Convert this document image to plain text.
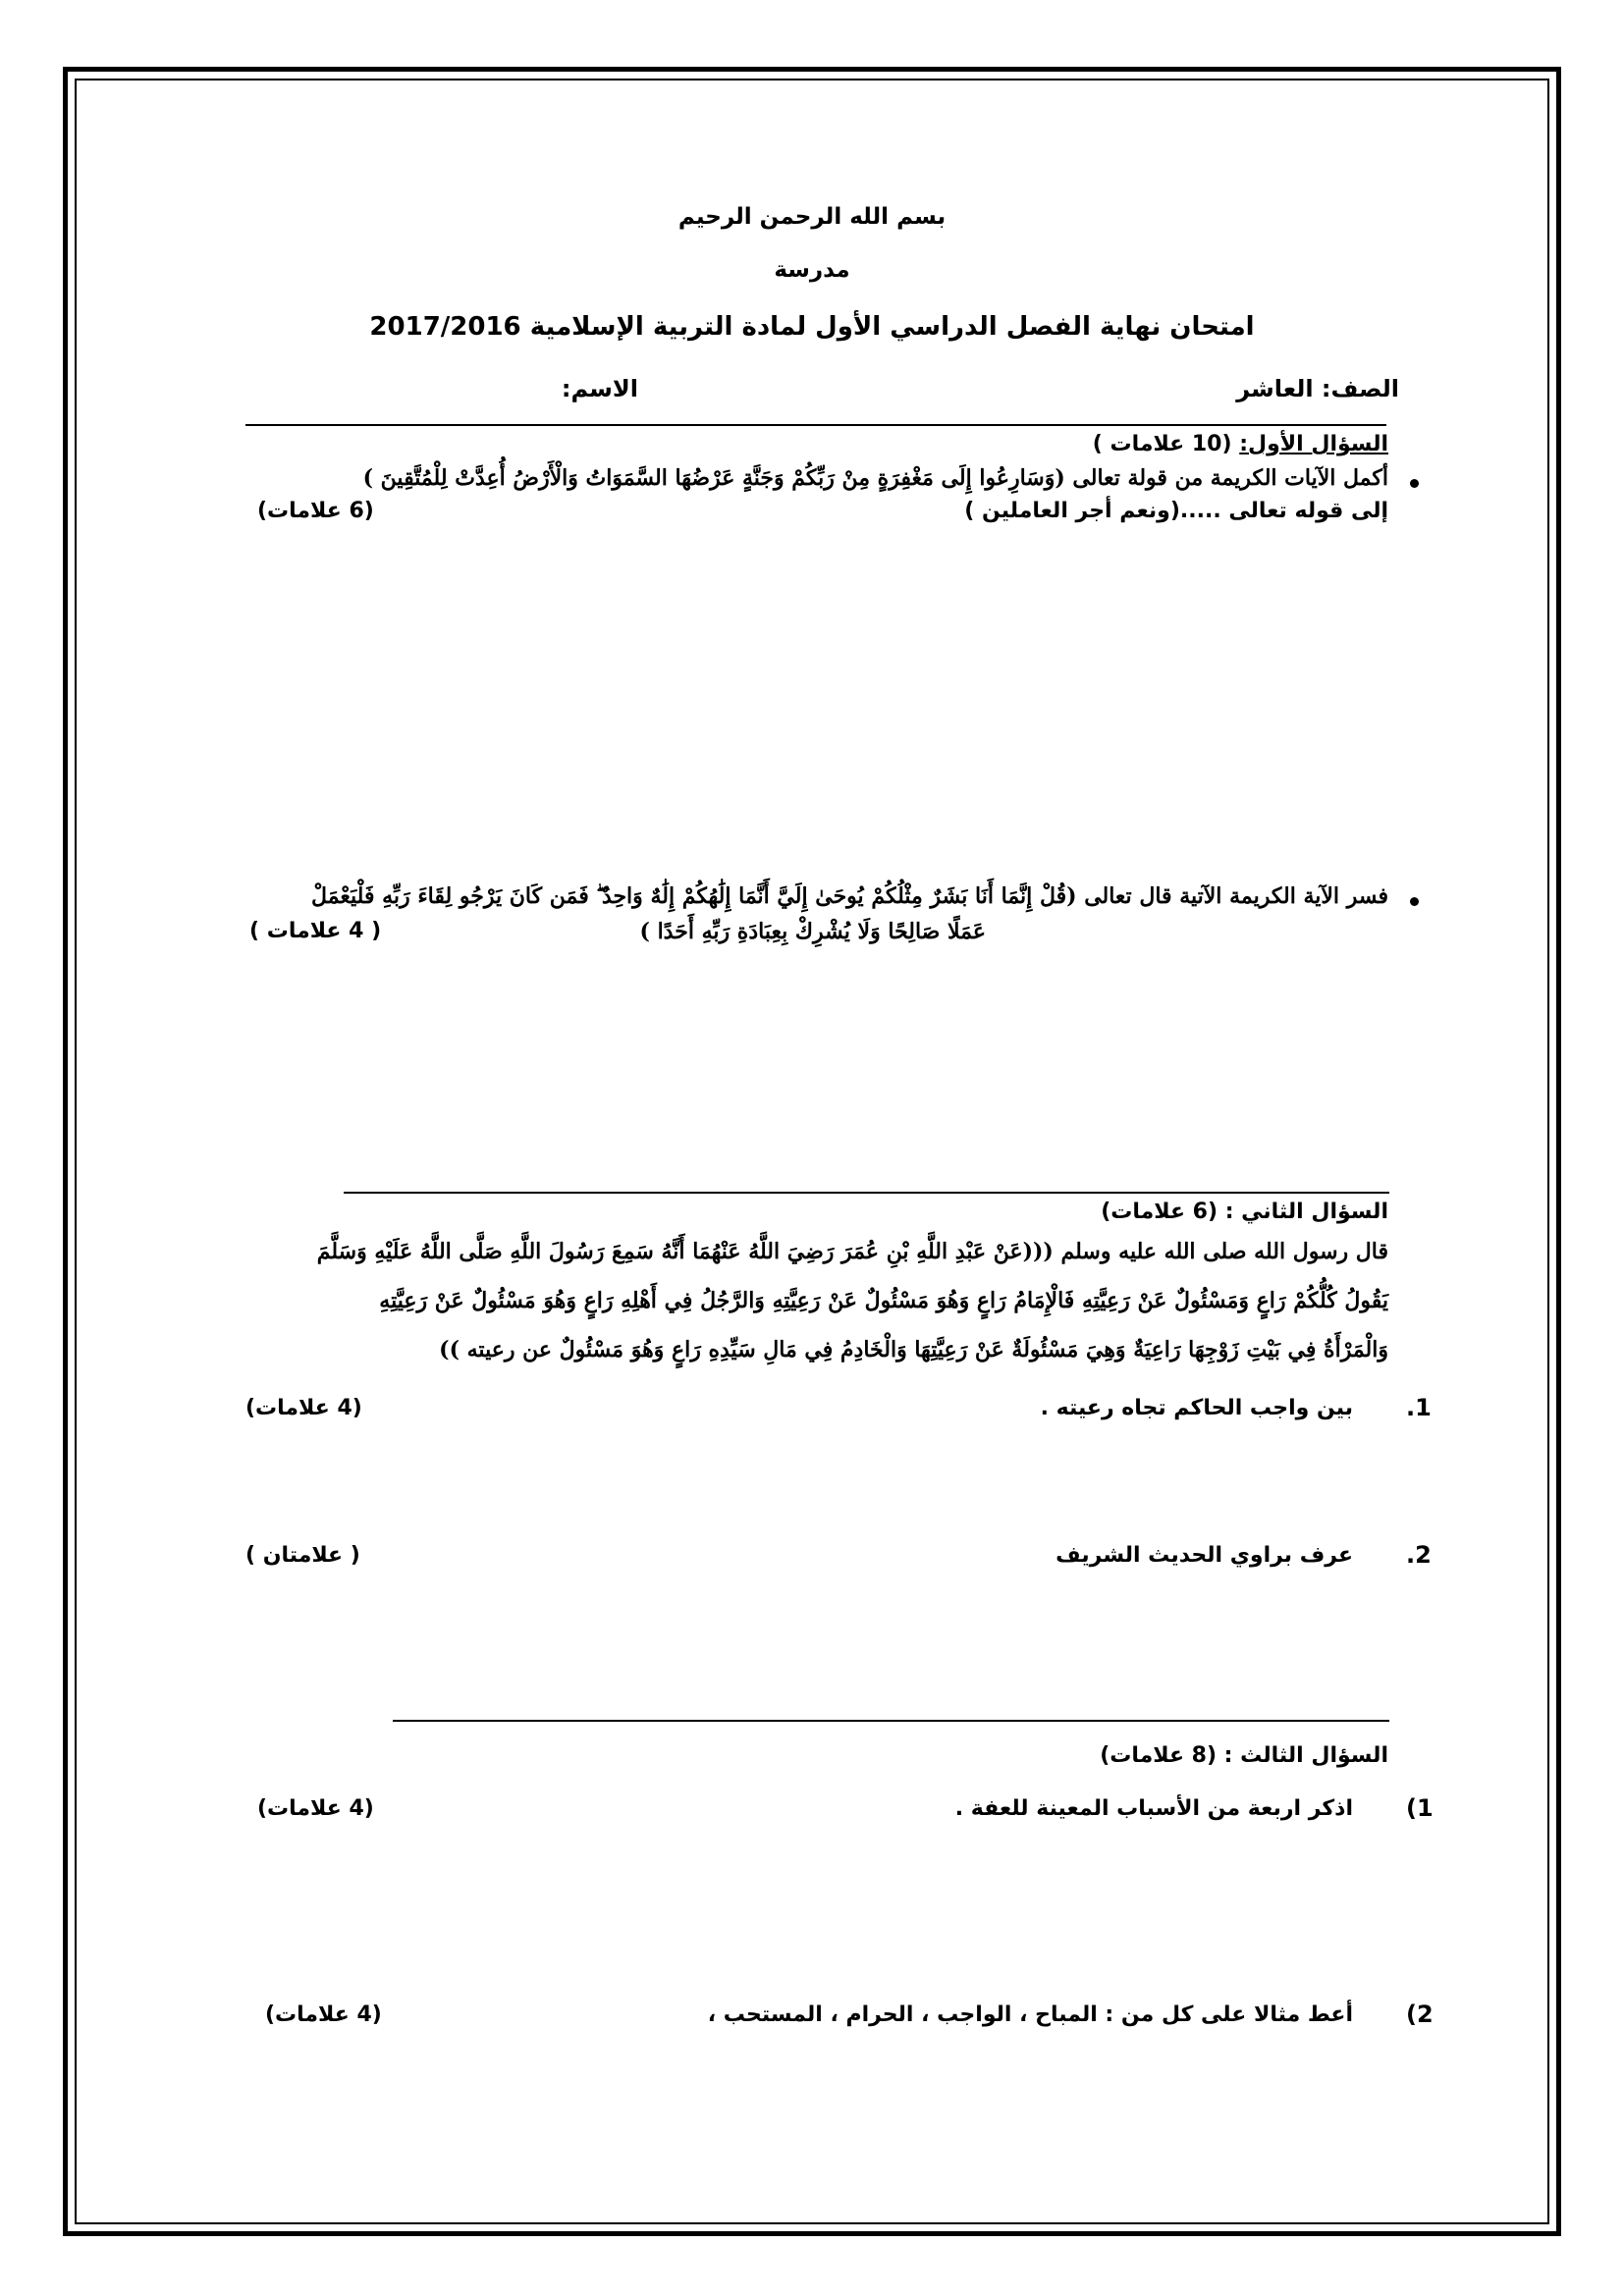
بسم الله الرحمن الرحيم
مدرسة
امتحان نهاية الفصل الدراسي الأول لمادة التربية الإسلامية 2017/2016
الصف: العاشر
الاسم:
السؤال الأول: (10 علامات )
أكمل الآيات الكريمة من قولة تعالى (وَسَارِعُوا إِلَى مَغْفِرَةٍ مِنْ رَبِّكُمْ وَجَنَّةٍ عَرْضُهَا السَّمَوَاتُ وَالْأَرْضُ أُعِدَّتْ لِلْمُتَّقِينَ )
إلى قوله تعالى .....(ونعم أجر العاملين )
(6 علامات)
فسر الآية الكريمة الآتية قال تعالى (قُلْ إِنَّمَا أَنَا بَشَرٌ مِثْلُكُمْ يُوحَىٰ إِلَيَّ أَنَّمَا إِلَٰهُكُمْ إِلَٰهٌ وَاحِدٌ ۖ فَمَن كَانَ يَرْجُو لِقَاءَ رَبِّهِ فَلْيَعْمَلْ
عَمَلًا صَالِحًا وَلَا يُشْرِكْ بِعِبَادَةِ رَبِّهِ أَحَدًا )
( 4 علامات )
السؤال الثاني : (6 علامات)
قال رسول الله صلى الله عليه وسلم (((عَنْ عَبْدِ اللَّهِ بْنِ عُمَرَ رَضِيَ اللَّهُ عَنْهُمَا أَنَّهُ سَمِعَ رَسُولَ اللَّهِ صَلَّى اللَّهُ عَلَيْهِ وَسَلَّمَ
يَقُولُ كُلُّكُمْ رَاعٍ وَمَسْئُولٌ عَنْ رَعِيَّتِهِ فَالْإِمَامُ رَاعٍ وَهُوَ مَسْئُولٌ عَنْ رَعِيَّتِهِ وَالرَّجُلُ فِي أَهْلِهِ رَاعٍ وَهُوَ مَسْئُولٌ عَنْ رَعِيَّتِهِ
وَالْمَرْأَةُ فِي بَيْتِ زَوْجِهَا رَاعِيَةٌ وَهِيَ مَسْئُولَةٌ عَنْ رَعِيَّتِهَا وَالْخَادِمُ فِي مَالِ سَيِّدِهِ رَاعٍ وَهُوَ مَسْئُولٌ عن رعيته ))
.1
بين واجب الحاكم تجاه رعيته .
(4 علامات)
.2
عرف براوي الحديث الشريف
( علامتان )
السؤال الثالث : (8 علامات)
(1
اذكر اربعة من الأسباب المعينة للعفة .
(4 علامات)
(2
أعط مثالا على كل من : المباح ، الواجب ، الحرام ، المستحب ،
(4 علامات)
